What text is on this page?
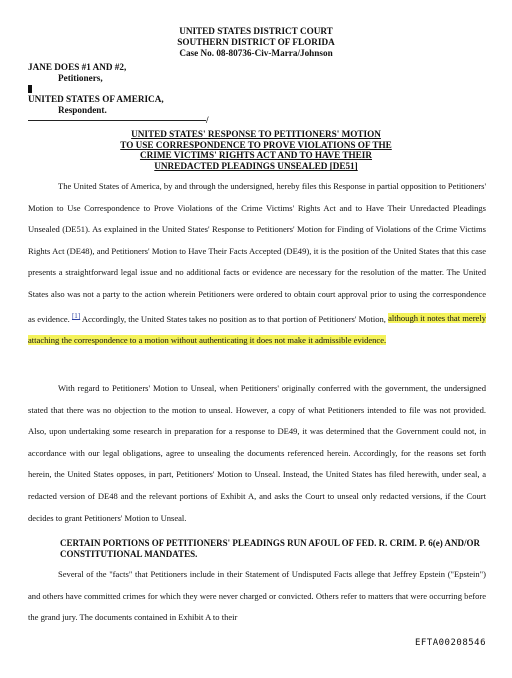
UNITED STATES DISTRICT COURT
SOUTHERN DISTRICT OF FLORIDA
Case No. 08-80736-Civ-Marra/Johnson
JANE DOES #1 AND #2,
Petitioners,
UNITED STATES OF AMERICA,
Respondent.
/
UNITED STATES' RESPONSE TO PETITIONERS' MOTION
TO USE CORRESPONDENCE TO PROVE VIOLATIONS OF THE
CRIME VICTIMS' RIGHTS ACT AND TO HAVE THEIR
UNREDACTED PLEADINGS UNSEALED [DE51]
The United States of America, by and through the undersigned, hereby files this Response in partial opposition to Petitioners' Motion to Use Correspondence to Prove Violations of the Crime Victims' Rights Act and to Have Their Unredacted Pleadings Unsealed (DE51). As explained in the United States' Response to Petitioners' Motion for Finding of Violations of the Crime Victims Rights Act (DE48), and Petitioners' Motion to Have Their Facts Accepted (DE49), it is the position of the United States that this case presents a straightforward legal issue and no additional facts or evidence are necessary for the resolution of the matter. The United States also was not a party to the action wherein Petitioners were ordered to obtain court approval prior to using the correspondence as evidence. [1] Accordingly, the United States takes no position as to that portion of Petitioners' Motion, although it notes that merely attaching the correspondence to a motion without authenticating it does not make it admissible evidence.
With regard to Petitioners' Motion to Unseal, when Petitioners' originally conferred with the government, the undersigned stated that there was no objection to the motion to unseal. However, a copy of what Petitioners intended to file was not provided. Also, upon undertaking some research in preparation for a response to DE49, it was determined that the Government could not, in accordance with our legal obligations, agree to unsealing the documents referenced herein. Accordingly, for the reasons set forth herein, the United States opposes, in part, Petitioners' Motion to Unseal. Instead, the United States has filed herewith, under seal, a redacted version of DE48 and the relevant portions of Exhibit A, and asks the Court to unseal only redacted versions, if the Court decides to grant Petitioners' Motion to Unseal.
CERTAIN PORTIONS OF PETITIONERS' PLEADINGS RUN AFOUL OF FED. R. CRIM. P. 6(e) AND/OR CONSTITUTIONAL MANDATES.
Several of the "facts" that Petitioners include in their Statement of Undisputed Facts allege that Jeffrey Epstein ("Epstein") and others have committed crimes for which they were never charged or convicted. Others refer to matters that were occurring before the grand jury. The documents contained in Exhibit A to their
EFTA00208546
